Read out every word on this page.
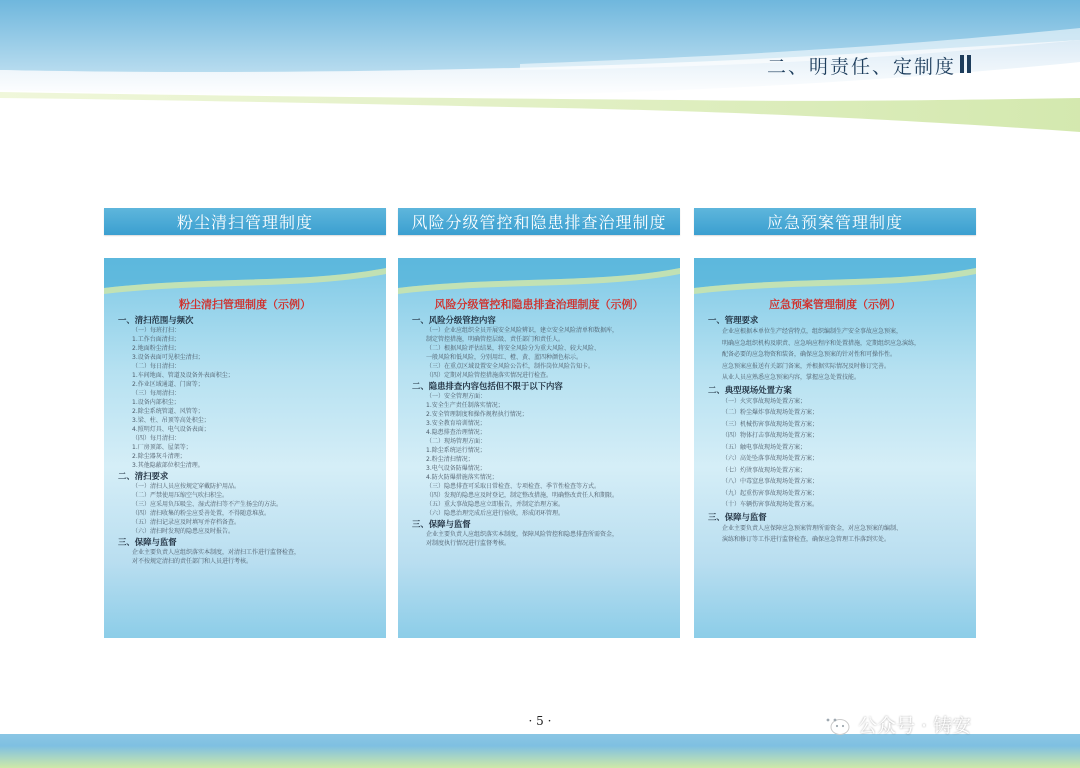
二、明责任、定制度
粉尘清扫管理制度
粉尘清扫管理制度（示例）
一、清扫范围与频次
（一）每班打扫：
1.工作台面清扫；
2.地面粉尘清扫；
3.设备表面可见积尘清扫；
（二）每日清扫：
1.车间地面、管道及设备外表面积尘；
2.作业区域通道、门窗等；
（三）每周清扫：
1.设备内部积尘；
2.除尘系统管道、风管等；
3.梁、柱、吊顶等高处积尘；
4.照明灯具、电气设备表面；
（四）每月清扫：
1.厂房顶部、屋架等；
2.除尘器灰斗清理；
3.其他隐蔽部位积尘清理。
二、清扫要求
（一）清扫人员应按规定穿戴防护用品。
（二）严禁使用压缩空气吹扫积尘。
（三）应采用负压吸尘、湿式清扫等不产生扬尘的方法。
（四）清扫收集的粉尘应妥善处置，不得随意堆放。
（五）清扫记录应及时填写并存档备查。
（六）清扫时发现的隐患应及时报告。
三、保障与监督
企业主要负责人应组织落实本制度，对清扫工作进行监督检查，
对不按规定清扫的责任部门和人员进行考核。
风险分级管控和隐患排查治理制度
风险分级管控和隐患排查治理制度（示例）
一、风险分级管控内容
（一）企业应组织全员开展安全风险辨识，建立安全风险清单和数据库，
制定管控措施，明确管控层级、责任部门和责任人。
（二）根据风险评估结果，将安全风险分为重大风险、较大风险、
一般风险和低风险，分别用红、橙、黄、蓝四种颜色标示。
（三）在重点区域设置安全风险公告栏，制作岗位风险告知卡。
（四）定期对风险管控措施落实情况进行检查。
二、隐患排查内容包括但不限于以下内容
（一）安全管理方面：
1.安全生产责任制落实情况；
2.安全管理制度和操作规程执行情况；
3.安全教育培训情况；
4.隐患排查治理情况；
（二）现场管理方面：
1.除尘系统运行情况；
2.粉尘清扫情况；
3.电气设备防爆情况；
4.防火防爆措施落实情况；
（三）隐患排查可采取日常检查、专项检查、季节性检查等方式。
（四）发现的隐患应及时登记，制定整改措施，明确整改责任人和期限。
（五）重大事故隐患应立即报告，并制定治理方案。
（六）隐患治理完成后应进行验收，形成闭环管理。
三、保障与监督
企业主要负责人应组织落实本制度，保障风险管控和隐患排查所需资金，
对制度执行情况进行监督考核。
应急预案管理制度
应急预案管理制度（示例）
一、管理要求
企业应根据本单位生产经营特点，组织编制生产安全事故应急预案，
明确应急组织机构及职责、应急响应程序和处置措施，定期组织应急演练，
配备必要的应急物资和装备，确保应急预案的针对性和可操作性。
应急预案应报送有关部门备案，并根据实际情况及时修订完善。
从业人员应熟悉应急预案内容，掌握应急处置技能。
二、典型现场处置方案
（一）火灾事故现场处置方案；
（二）粉尘爆炸事故现场处置方案；
（三）机械伤害事故现场处置方案；
（四）物体打击事故现场处置方案；
（五）触电事故现场处置方案；
（六）高处坠落事故现场处置方案；
（七）灼烫事故现场处置方案；
（八）中毒窒息事故现场处置方案；
（九）起重伤害事故现场处置方案；
（十）车辆伤害事故现场处置方案。
三、保障与监督
企业主要负责人应保障应急预案管理所需资金，对应急预案的编制、
演练和修订等工作进行监督检查，确保应急管理工作落到实处。
· 5 ·	公众号 · 铸安
